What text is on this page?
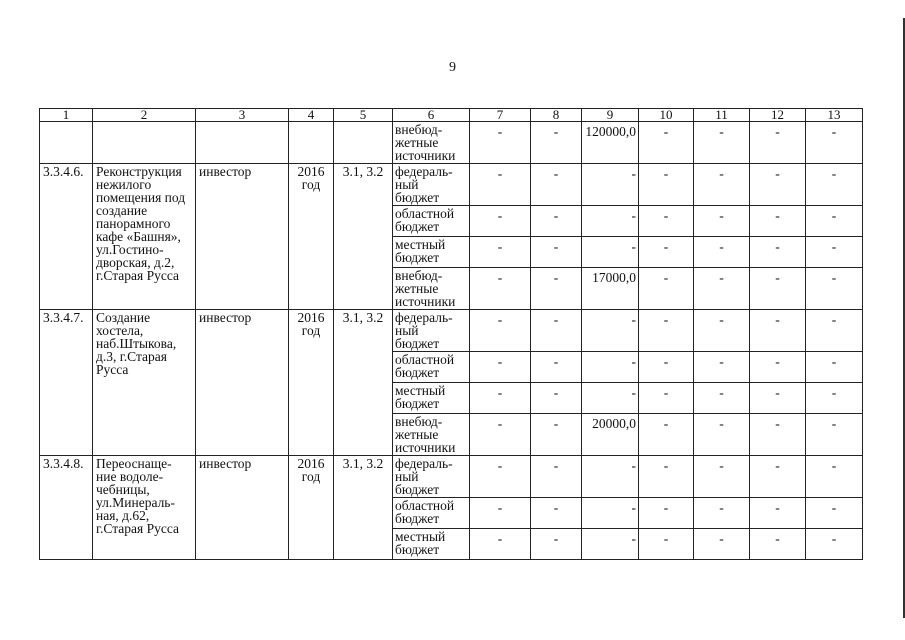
9
1	2	3	4	5	6	7	8	9	10	11	12	13
					внебюд-
жетные
источники	-	-	120000,0	-	-	-	-
3.3.4.6.	Реконструкция нежилого помещения под создание панорамного кафе «Башня», ул.Гостино-дворская, д.2, г.Старая Русса	инвестор	2016 год	3.1, 3.2	федераль-
ный
бюджет	-	-	-	-	-	-	-
					областной
бюджет	-	-	-	-	-	-	-
					местный
бюджет	-	-	-	-	-	-	-
					внебюд-
жетные
источники	-	-	17000,0	-	-	-	-
3.3.4.7.	Создание хостела, наб.Штыкова, д.3, г.Старая Русса	инвестор	2016 год	3.1, 3.2	федераль-
ный
бюджет	-	-	-	-	-	-	-
					областной
бюджет	-	-	-	-	-	-	-
					местный
бюджет	-	-	-	-	-	-	-
					внебюд-
жетные
источники	-	-	20000,0	-	-	-	-
3.3.4.8.	Переоснаще-ние водоле-чебницы, ул.Минераль-ная, д.62, г.Старая Русса	инвестор	2016 год	3.1, 3.2	федераль-
ный
бюджет	-	-	-	-	-	-	-
					областной
бюджет	-	-	-	-	-	-	-
					местный
бюджет	-	-	-	-	-	-	-
